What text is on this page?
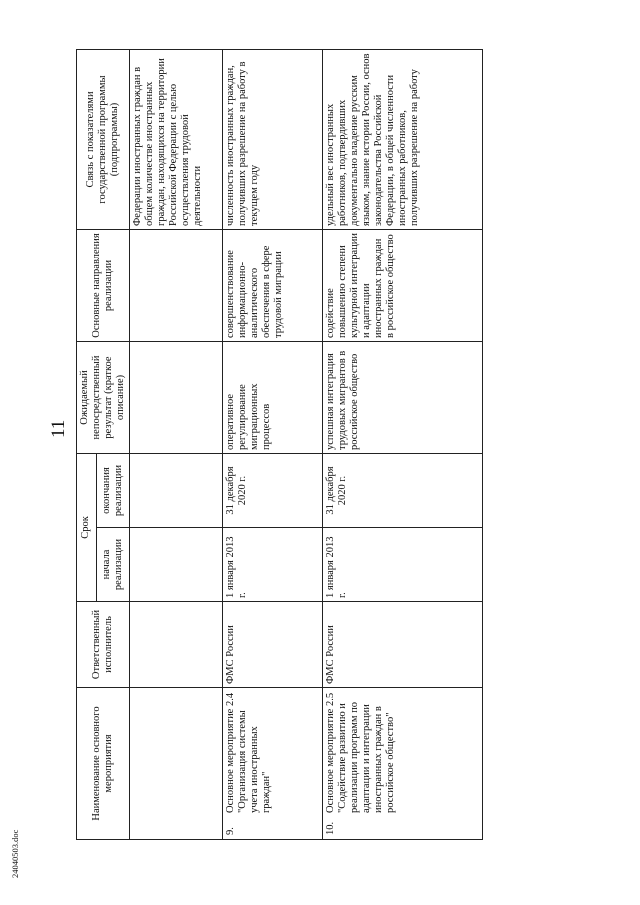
11
24040503.doc
Наименование основного мероприятия	Ответственный исполнитель	Срок		Ожидаемый непосредственный результат (краткое описание)	Основные направления реализации	Связь с показателями государственной программы (подпрограммы)
		начала реализации	окончания реализации			
						Федерации иностранных граждан в общем количестве иностранных граждан, находящихся на территории Российской Федерации с целью осуществления трудовой деятельности
9.
Основное мероприятие 2.4 "Организация системы учета иностранных граждан"	ФМС России	1 января 2013 г.	31 декабря 2020 г.	оперативное регулирование миграционных процессов	совершенствование информационно-аналитического обеспечения в сфере трудовой миграции	численность иностранных граждан, получивших разрешение на работу в текущем году
10.
Основное мероприятие 2.5 "Содействие развитию и реализации программ по адаптации и интеграции иностранных граждан в российское общество"	ФМС России	1 января 2013 г.	31 декабря 2020 г.	успешная интеграция трудовых мигрантов в российское общество	содействие повышению степени культурной интеграции и адаптации иностранных граждан в российское общество	удельный вес иностранных работников, подтвердивших документально владение русским языком, знание истории России, основ законодательства Российской Федерации, в общей численности иностранных работников, получивших разрешение на работу
